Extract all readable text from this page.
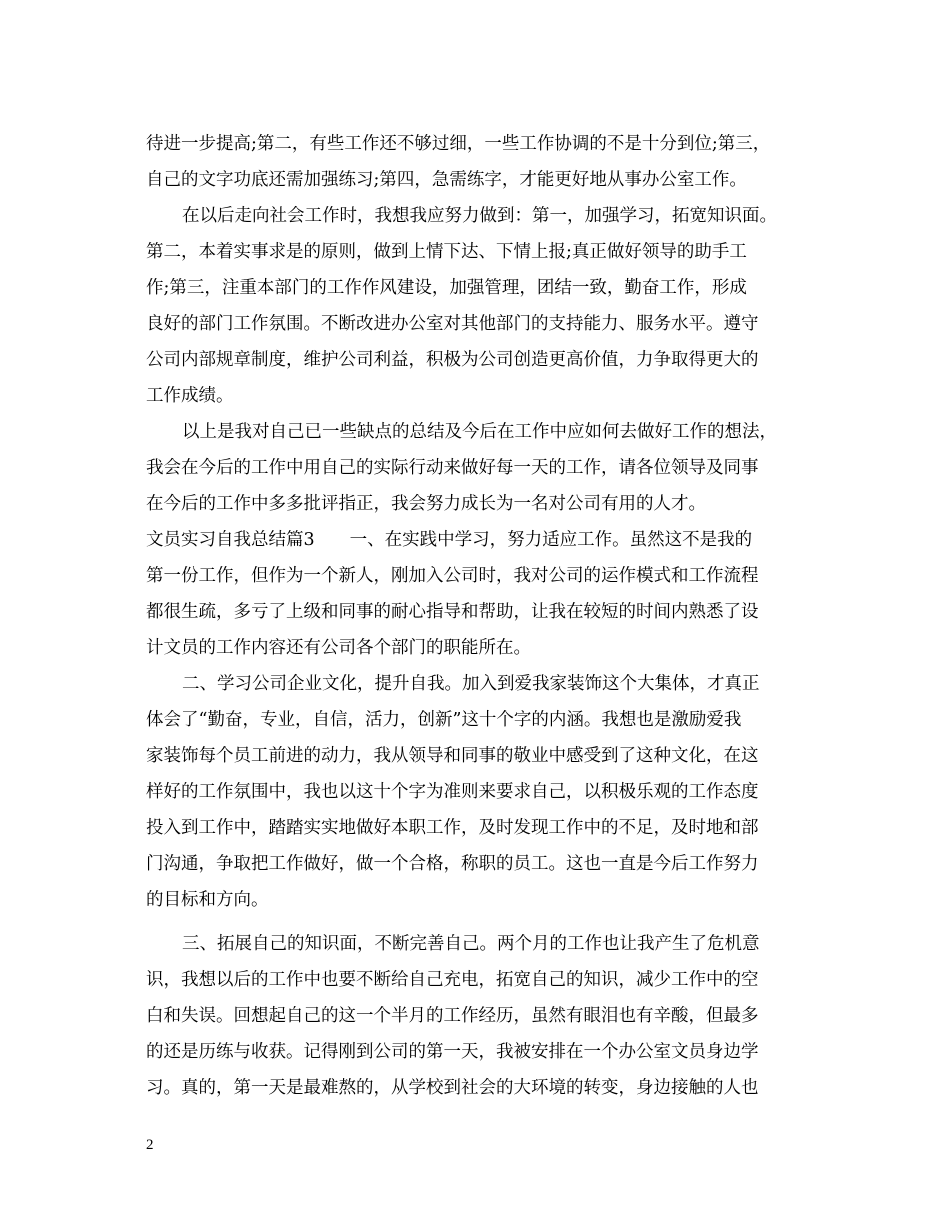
待进一步提高;第二，有些工作还不够过细，一些工作协调的不是十分到位;第三，
自己的文字功底还需加强练习;第四，急需练字，才能更好地从事办公室工作。
在以后走向社会工作时，我想我应努力做到：第一，加强学习，拓宽知识面。
第二，本着实事求是的原则，做到上情下达、下情上报;真正做好领导的助手工
作;第三，注重本部门的工作作风建设，加强管理，团结一致，勤奋工作，形成
良好的部门工作氛围。不断改进办公室对其他部门的支持能力、服务水平。遵守
公司内部规章制度，维护公司利益，积极为公司创造更高价值，力争取得更大的
工作成绩。
以上是我对自己已一些缺点的总结及今后在工作中应如何去做好工作的想法，
我会在今后的工作中用自己的实际行动来做好每一天的工作，请各位领导及同事
在今后的工作中多多批评指正，我会努力成长为一名对公司有用的人才。
文员实习自我总结篇3　　一、在实践中学习，努力适应工作。虽然这不是我的
第一份工作，但作为一个新人，刚加入公司时，我对公司的运作模式和工作流程
都很生疏，多亏了上级和同事的耐心指导和帮助，让我在较短的时间内熟悉了设
计文员的工作内容还有公司各个部门的职能所在。
二、学习公司企业文化，提升自我。加入到爱我家装饰这个大集体，才真正
体会了“勤奋，专业，自信，活力，创新”这十个字的内涵。我想也是激励爱我
家装饰每个员工前进的动力，我从领导和同事的敬业中感受到了这种文化，在这
样好的工作氛围中，我也以这十个字为准则来要求自己，以积极乐观的工作态度
投入到工作中，踏踏实实地做好本职工作，及时发现工作中的不足，及时地和部
门沟通，争取把工作做好，做一个合格，称职的员工。这也一直是今后工作努力
的目标和方向。
三、拓展自己的知识面，不断完善自己。两个月的工作也让我产生了危机意
识，我想以后的工作中也要不断给自己充电，拓宽自己的知识，减少工作中的空
白和失误。回想起自己的这一个半月的工作经历，虽然有眼泪也有辛酸，但最多
的还是历练与收获。记得刚到公司的第一天，我被安排在一个办公室文员身边学
习。真的，第一天是最难熬的，从学校到社会的大环境的转变，身边接触的人也
2
